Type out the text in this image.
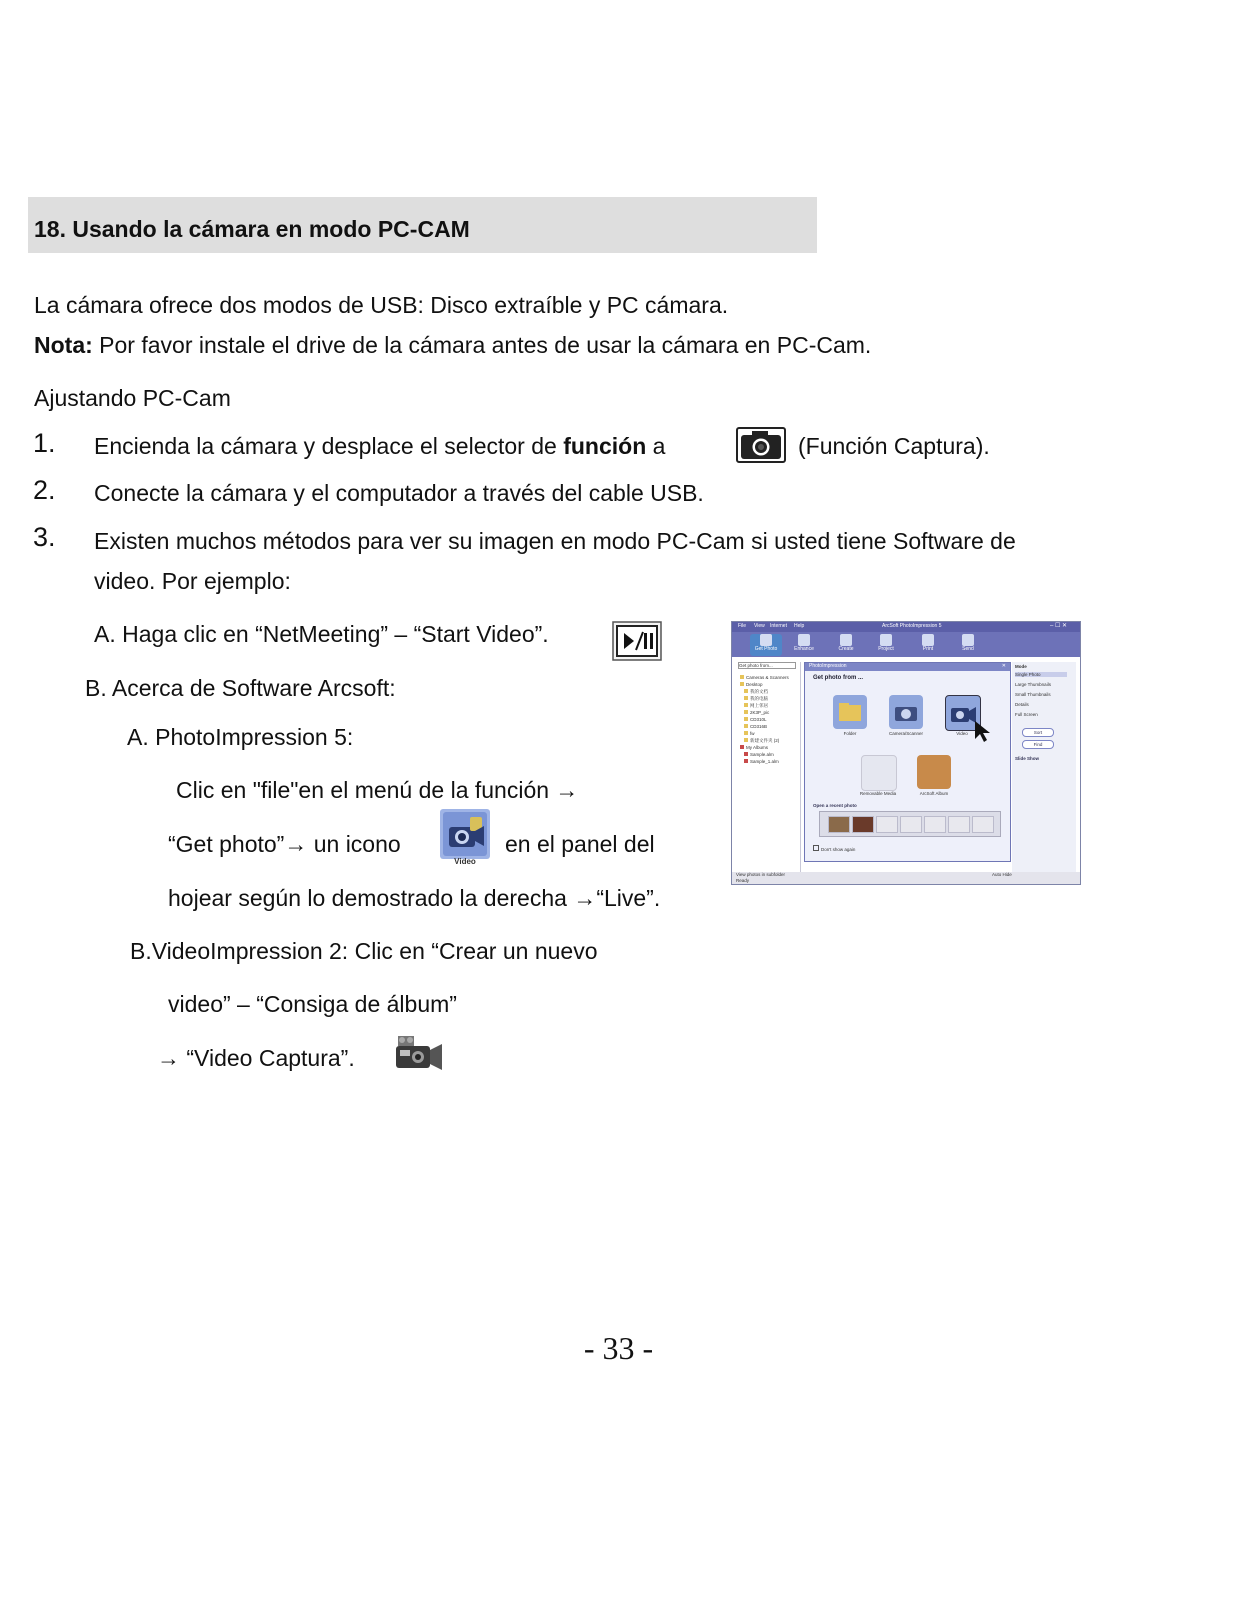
18. Usando la cámara en modo PC-CAM
La cámara ofrece dos modos de USB: Disco extraíble y PC cámara.
Nota: Por favor instale el drive de la cámara antes de usar la cámara en PC-Cam.
Ajustando PC-Cam
1. Encienda la cámara y desplace el selector de función a	(Función Captura).
2. Conecte la cámara y el computador a través del cable USB.
3. Existen muchos métodos para ver su imagen en modo PC-Cam si usted tiene Software de
video. Por ejemplo:
A. Haga clic en “NetMeeting” – “Start Video”.
B. Acerca de Software Arcsoft:
A. PhotoImpression 5:
Clic en "file"en el menú de la función →
“Get photo”→ un icono
Video
en el panel del
hojear según lo demostrado la derecha →“Live”.
B.VideoImpression 2: Clic en “Crear un nuevo
video” – “Consiga de álbum”
→ “Video Captura”.
File View Internet Help	ArcSoft PhotoImpression 5	– ☐ ✕
Get Photo	Enhance	Create	Project	Print	Send
Get photo from...
Cameras & Scanners
Desktop
我的文档
我的电脑
网上邻居
2K3P_pic
CD310L
CD316B
fw
新建文件夹 (2)
My Albums
Sample.alm
Sample_1.alm
PhotoImpression	✕
Get photo from ...
Folder	Camera/Scanner	Video
Removable Media	ArcSoft Album
Open a recent photo
Don't show again
Mode
Single Photo
Large Thumbnails
Small Thumbnails
Details
Full Screen
Sort
Find
Slide Show
View photos in subfolder
Ready
Auto Hide
- 33 -
